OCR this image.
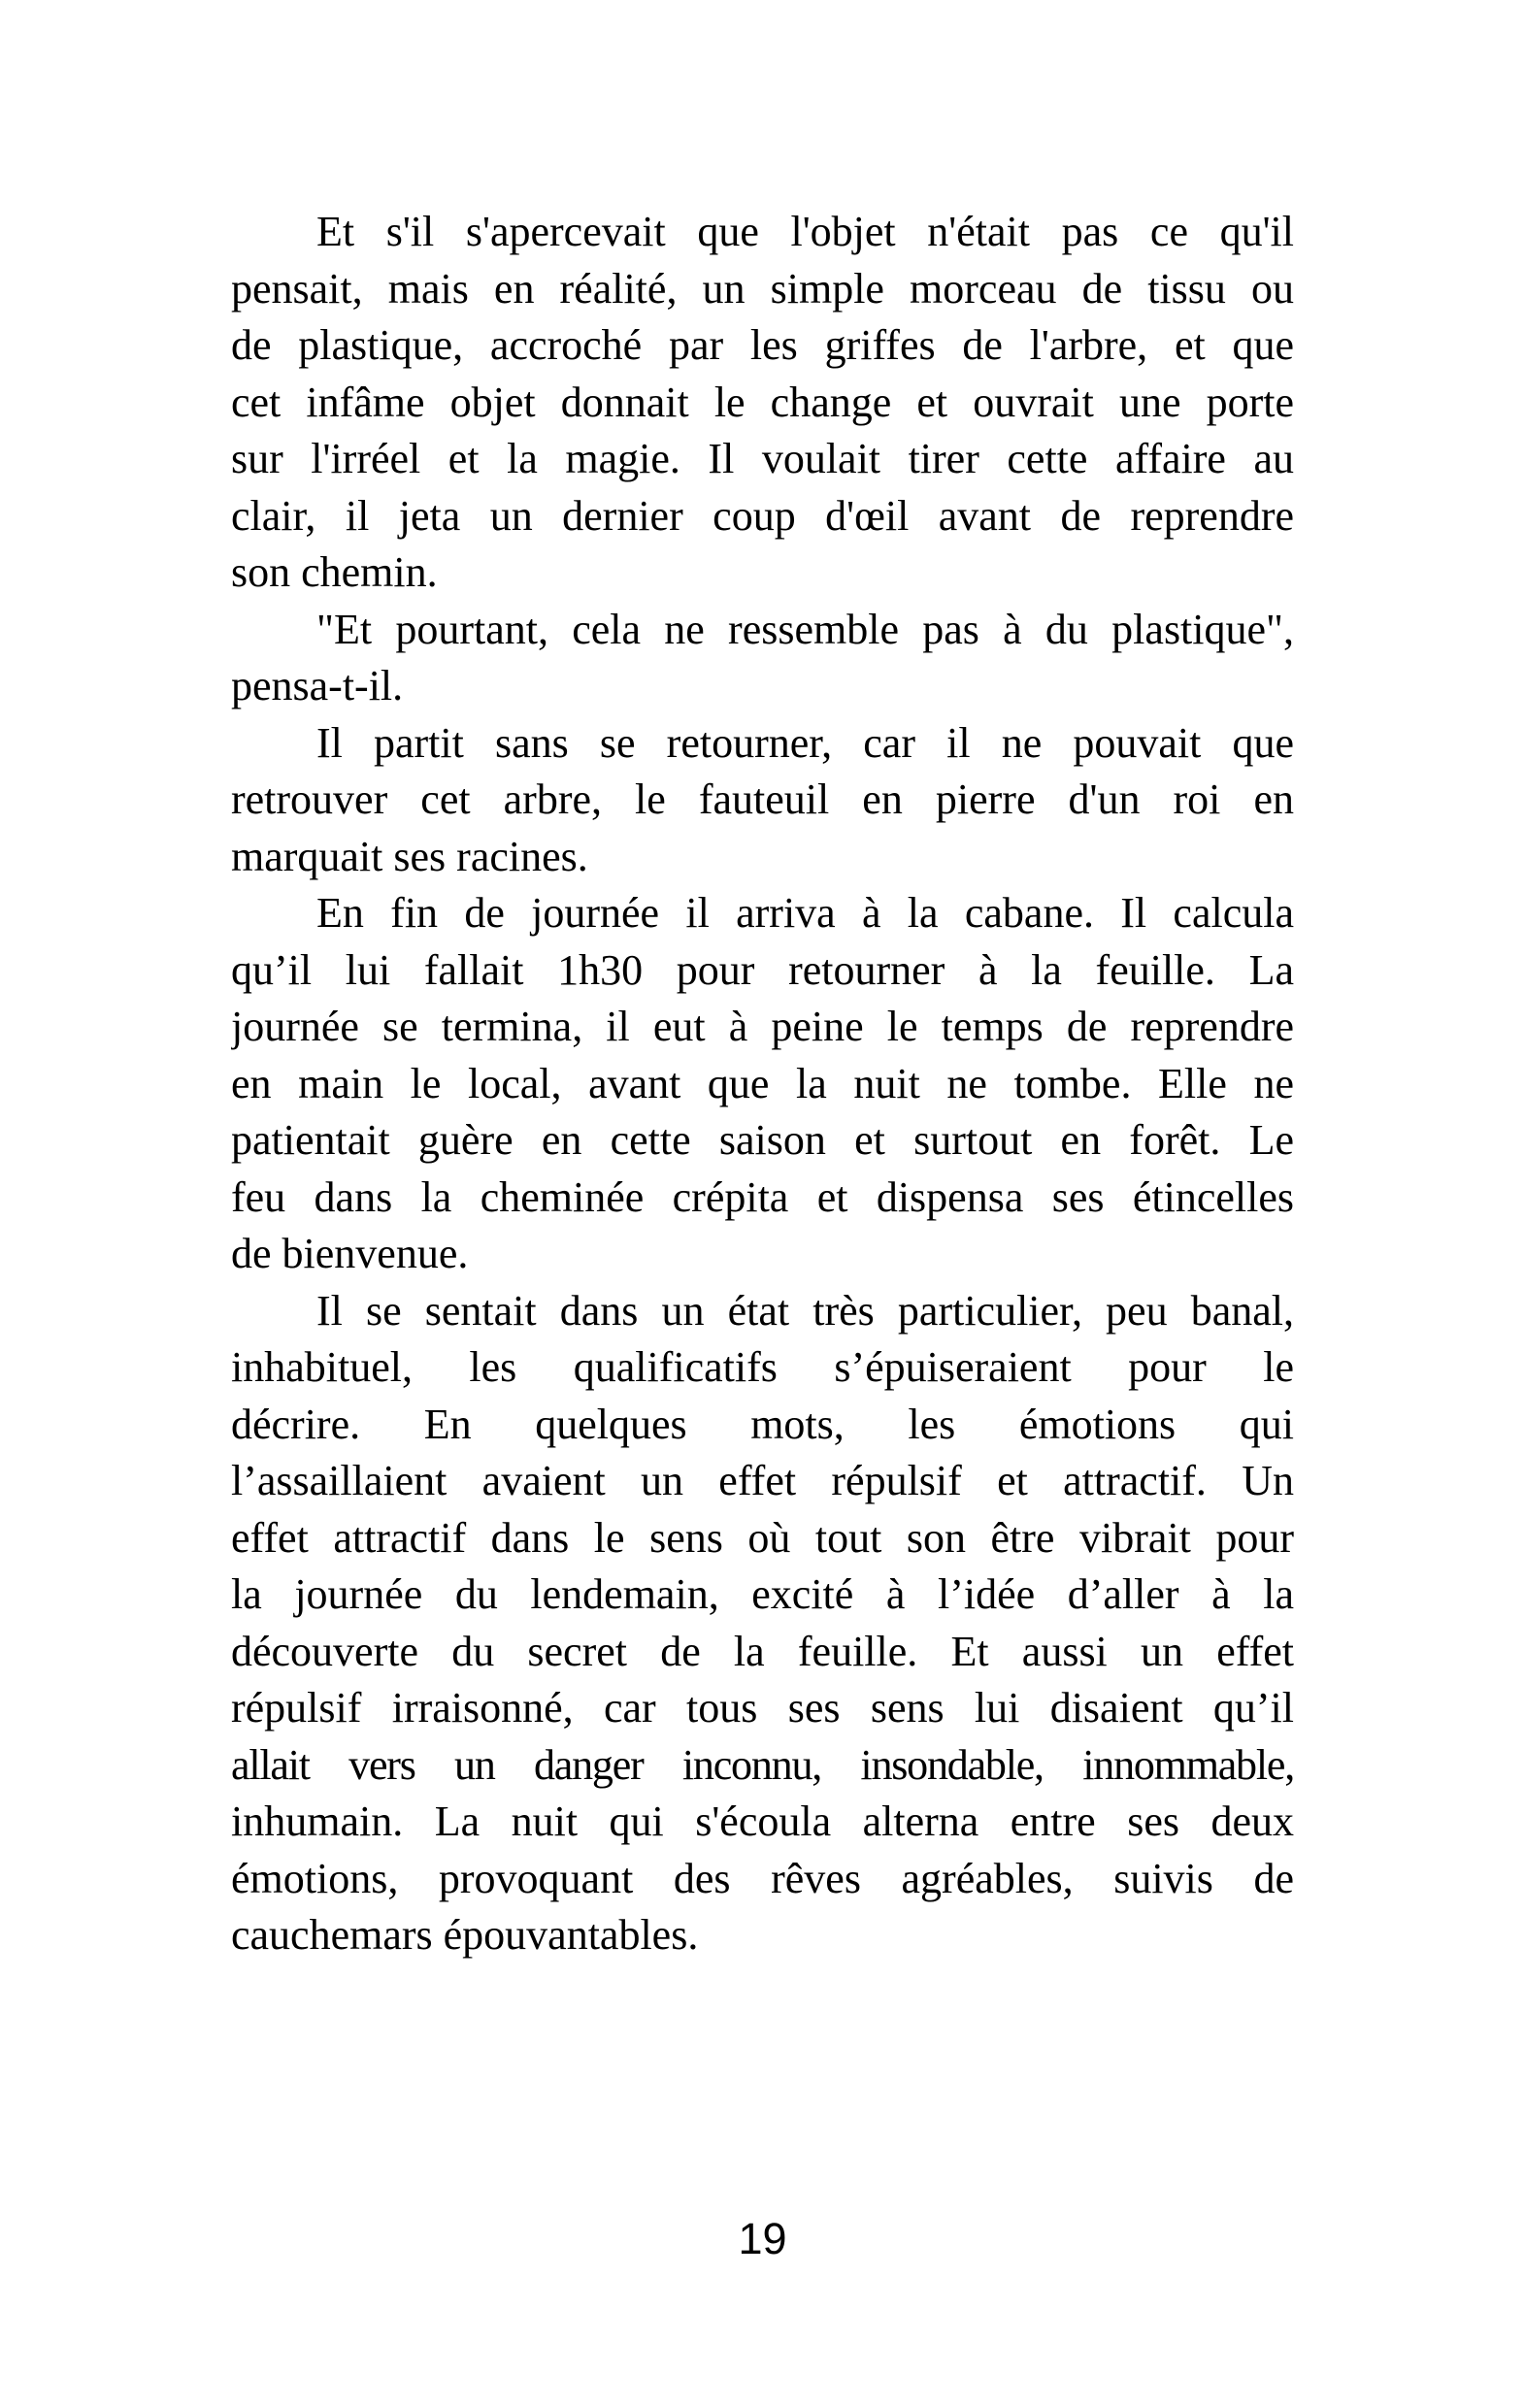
Et s'il s'apercevait que l'objet n'était pas ce qu'il
pensait, mais en réalité, un simple morceau de tissu ou
de plastique, accroché par les griffes de l'arbre, et que
cet infâme objet donnait le change et ouvrait une porte
sur l'irréel et la magie. Il voulait tirer cette affaire au
clair, il jeta un dernier coup d'œil avant de reprendre
son chemin.
"Et pourtant, cela ne ressemble pas à du plastique",
pensa-t-il.
Il partit sans se retourner, car il ne pouvait que
retrouver cet arbre, le fauteuil en pierre d'un roi en
marquait ses racines.
En fin de journée il arriva à la cabane. Il calcula
qu’il lui fallait 1h30 pour retourner à la feuille. La
journée se termina, il eut à peine le temps de reprendre
en main le local, avant que la nuit ne tombe. Elle ne
patientait guère en cette saison et surtout en forêt. Le
feu dans la cheminée crépita et dispensa ses étincelles
de bienvenue.
Il se sentait dans un état très particulier, peu banal,
inhabituel, les qualificatifs s’épuiseraient pour le
décrire. En quelques mots, les émotions qui
l’assaillaient avaient un effet répulsif et attractif. Un
effet attractif dans le sens où tout son être vibrait pour
la journée du lendemain, excité à l’idée d’aller à la
découverte du secret de la feuille. Et aussi un effet
répulsif irraisonné, car tous ses sens lui disaient qu’il
allait vers un danger inconnu, insondable, innommable,
inhumain. La nuit qui s'écoula alterna entre ses deux
émotions, provoquant des rêves agréables, suivis de
cauchemars épouvantables.
19
